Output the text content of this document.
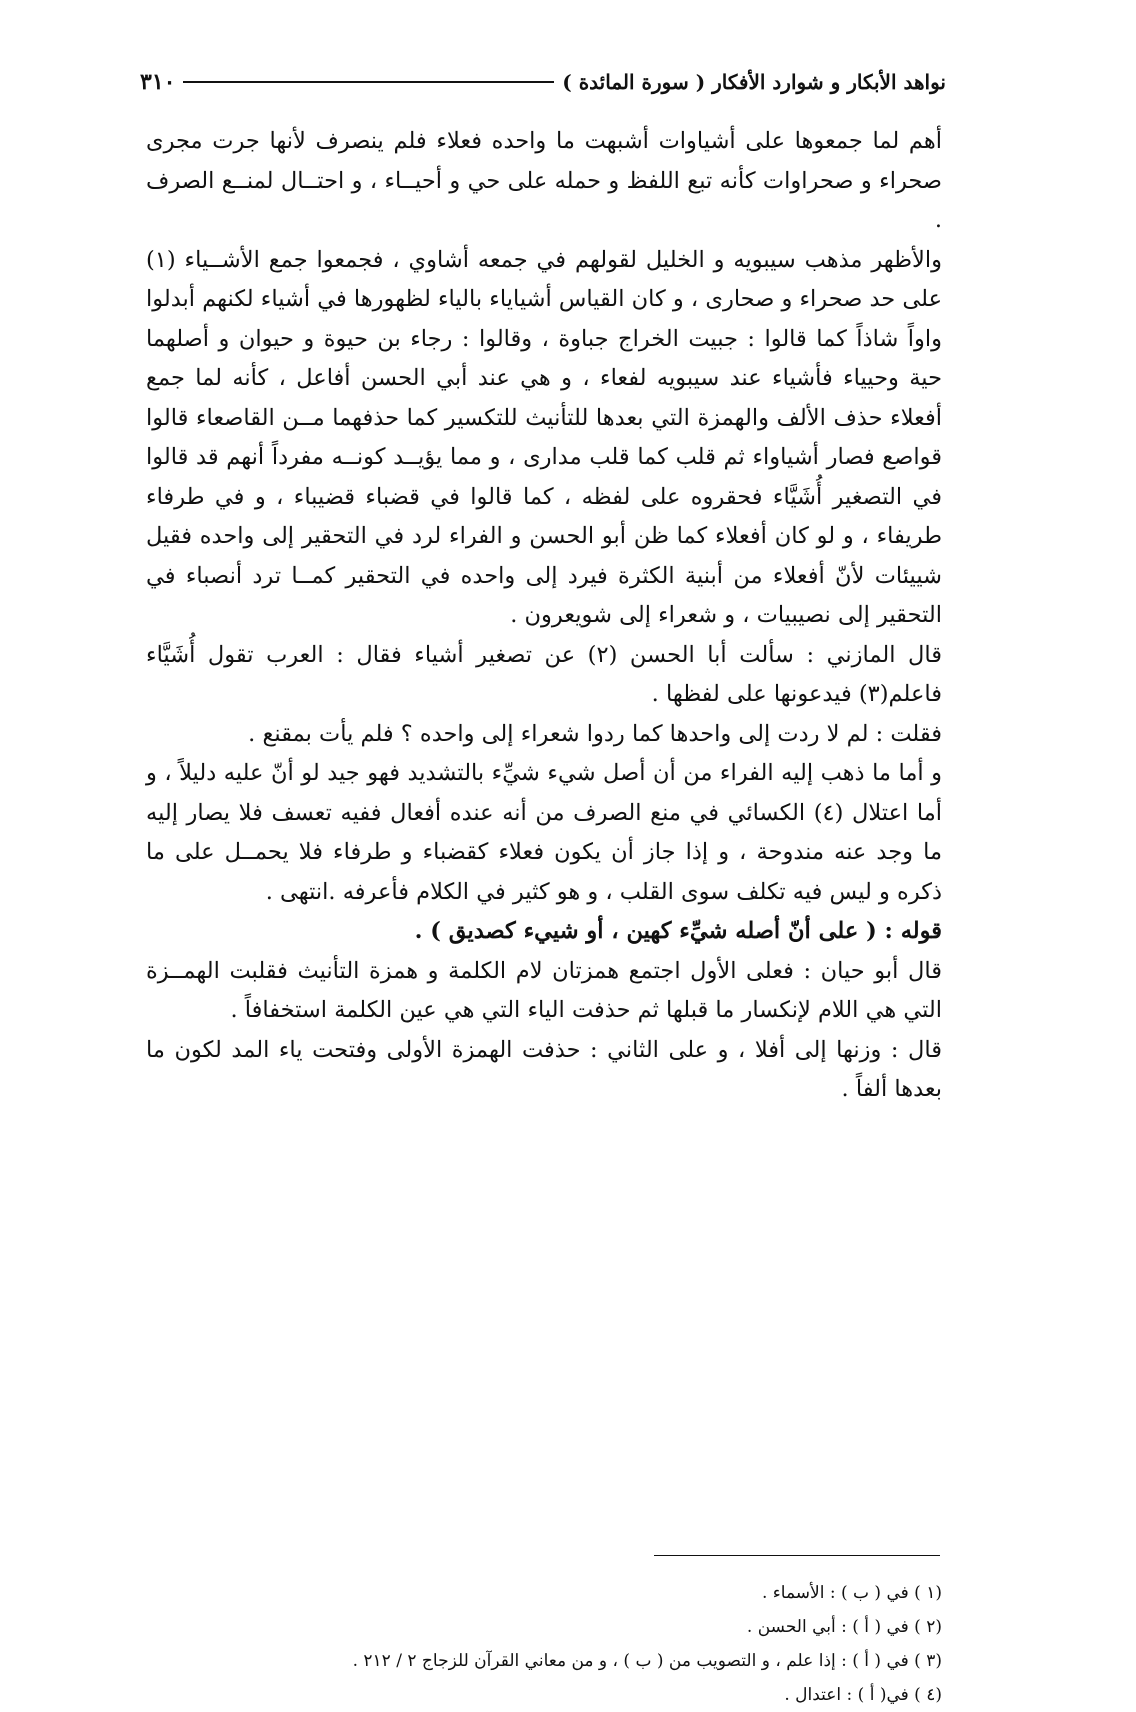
نواهد الأبكار و شوارد الأفكار ( سورة المائدة )
٣١٠

أهم لما جمعوها على أشياوات أشبهت ما واحده فعلاء فلم ينصرف لأنها جرت مجرى صحراء و صحراوات كأنه تبع اللفظ و حمله على حي و أحيــاء ، و احتــال لمنــع الصرف .

والأظهر مذهب سيبويه و الخليل لقولهم في جمعه أشاوي ، فجمعوا جمع الأشــياء (١) على حد صحراء و صحارى ، و كان القياس أشياياء بالياء لظهورها في أشياء لكنهم أبدلوا واواً شاذاً كما قالوا : جبيت الخراج جباوة ، وقالوا : رجاء بن حيوة و حيوان و أصلهما حية وحيياء فأشياء عند سيبويه لفعاء ، و هي عند أبي الحسن أفاعل ، كأنه لما جمع أفعلاء حذف الألف والهمزة التي بعدها للتأنيث للتكسير كما حذفهما مــن القاصعاء قالوا قواصع فصار أشياواء ثم قلب كما قلب مدارى ، و مما يؤيــد كونــه مفرداً أنهم قد قالوا في التصغير أُشَيَّاء فحقروه على لفظه ، كما قالوا في قضباء قضيباء ، و في طرفاء طريفاء ، و لو كان أفعلاء كما ظن أبو الحسن و الفراء لرد في التحقير إلى واحده فقيل شييئات لأنّ أفعلاء من أبنية الكثرة فيرد إلى واحده في التحقير كمــا ترد أنصباء في التحقير إلى نصيبيات ، و شعراء إلى شويعرون .

قال المازني : سألت أبا الحسن (٢) عن تصغير أشياء فقال : العرب تقول أُشَيَّاء فاعلم(٣) فيدعونها على لفظها .

فقلت : لم لا ردت إلى واحدها كما ردوا شعراء إلى واحده ؟ فلم يأت بمقنع .

و أما ما ذهب إليه الفراء من أن أصل شيء شيِّء بالتشديد فهو جيد لو أنّ عليه دليلاً ، و أما اعتلال (٤) الكسائي في منع الصرف من أنه عنده أفعال ففيه تعسف فلا يصار إليه ما وجد عنه مندوحة ، و إذا جاز أن يكون فعلاء كقضباء و طرفاء فلا يحمــل على ما ذكره و ليس فيه تكلف سوى القلب ، و هو كثير في الكلام فأعرفه .انتهى .

قوله : ( على أنّ أصله شيِّء كهين ، أو شييء كصديق ) .

قال أبو حيان : فعلى الأول اجتمع همزتان لام الكلمة و همزة التأنيث فقلبت الهمــزة التي هي اللام لإنكسار ما قبلها ثم حذفت الياء التي هي عين الكلمة استخفافاً .

قال : وزنها إلى أفلا ، و على الثاني : حذفت الهمزة الأولى وفتحت ياء المد لكون ما بعدها ألفاً .

(١ ) في ( ب ) : الأسماء .

(٢ ) في ( أ ) : أبي الحسن .

(٣ ) في ( أ ) : إذا علم ، و التصويب من ( ب ) ، و من معاني القرآن للزجاج ٢ / ٢١٢ .

(٤ ) في( أ ) : اعتدال .
